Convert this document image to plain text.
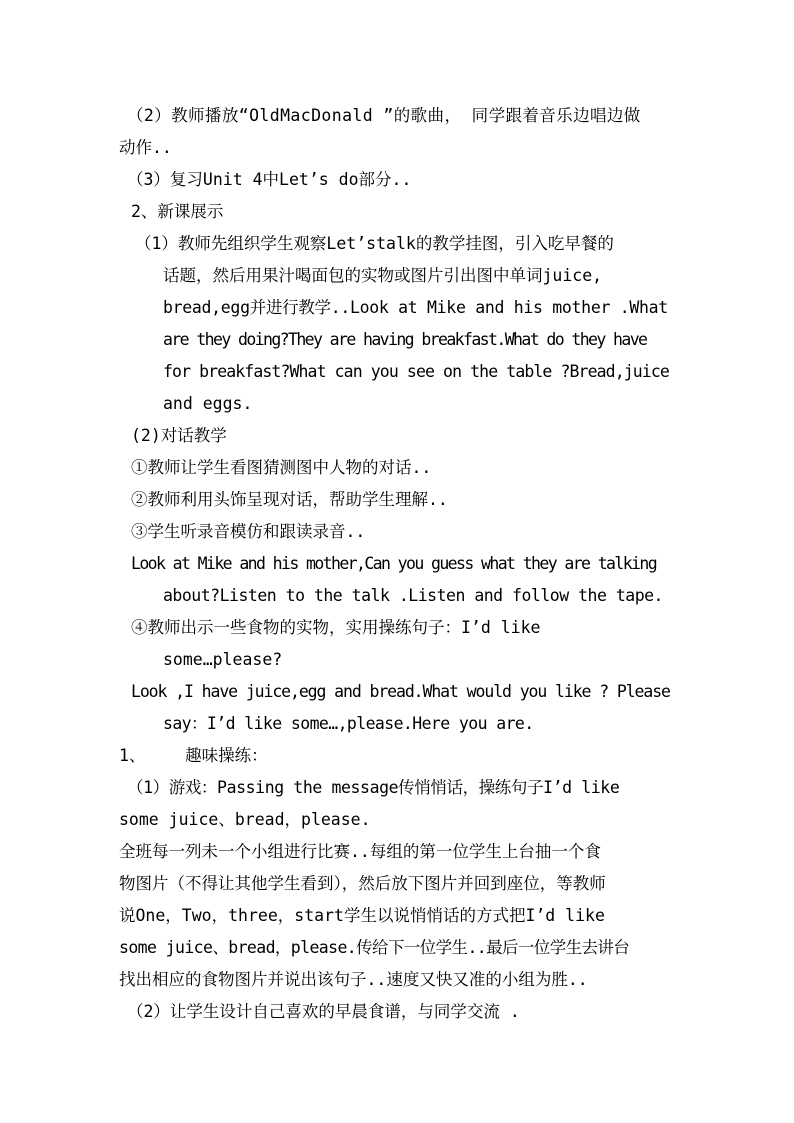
（2）教师播放“OldMacDonald ”的歌曲， 同学跟着音乐边唱边做
动作..
（3）复习Unit 4中Let’s do部分..
2、新课展示
（1）教师先组织学生观察Let’stalk的教学挂图，引入吃早餐的
话题，然后用果汁喝面包的实物或图片引出图中单词juice,
bread,egg并进行教学..Look at Mike and his mother .What
are they doing?They are having breakfast.What do they have
for breakfast?What can you see on the table ?Bread,juice
and eggs.
(2)对话教学
①教师让学生看图猜测图中人物的对话..
②教师利用头饰呈现对话，帮助学生理解..
③学生听录音模仿和跟读录音..
Look at Mike and his mother,Can you guess what they are talking
about?Listen to the talk .Listen and follow the tape.
④教师出示一些食物的实物，实用操练句子：I’d like
some…please?
Look ,I have juice,egg and bread.What would you like ? Please
say：I’d like some…,please.Here you are.
1、    趣味操练：
（1）游戏：Passing the message传悄悄话，操练句子I’d like
some juice、bread，please.
全班每一列未一个小组进行比赛..每组的第一位学生上台抽一个食
物图片（不得让其他学生看到），然后放下图片并回到座位，等教师
说One，Two，three，start学生以说悄悄话的方式把I’d like
some juice、bread，please.传给下一位学生..最后一位学生去讲台
找出相应的食物图片并说出该句子..速度又快又准的小组为胜..
（2）让学生设计自己喜欢的早晨食谱，与同学交流 .
